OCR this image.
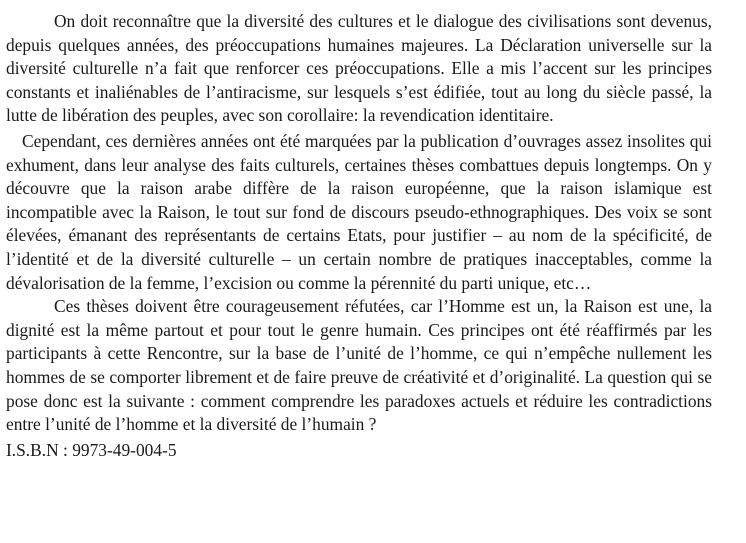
On doit reconnaître que la diversité des cultures et le dialogue des civilisations sont devenus, depuis quelques années, des préoccupations humaines majeures. La Déclaration universelle sur la diversité culturelle n’a fait que renforcer ces préoccupations. Elle a mis l’accent sur les principes constants et inaliénables de l’antiracisme, sur lesquels s’est édifiée, tout au long du siècle passé, la lutte de libération des peuples, avec son corollaire: la revendication identitaire.

Cependant, ces dernières années ont été marquées par la publication d’ouvrages assez insolites qui exhument, dans leur analyse des faits culturels, certaines thèses combattues depuis longtemps. On y découvre que la raison arabe diffère de la raison européenne, que la raison islamique est incompatible avec la Raison, le tout sur fond de discours pseudo-ethnographiques. Des voix se sont élevées, émanant des représentants de certains Etats, pour justifier – au nom de la spécificité, de l’identité et de la diversité culturelle – un certain nombre de pratiques inacceptables, comme la dévalorisation de la femme, l’excision ou comme la pérennité du parti unique, etc…

Ces thèses doivent être courageusement réfutées, car l’Homme est un, la Raison est une, la dignité est la même partout et pour tout le genre humain. Ces principes ont été réaffirmés par les participants à cette Rencontre, sur la base de l’unité de l’homme, ce qui n’empêche nullement les hommes de se comporter librement et de faire preuve de créativité et d’originalité. La question qui se pose donc est la suivante : comment comprendre les paradoxes actuels et réduire les contradictions entre l’unité de l’homme et la diversité de l’humain ?

I.S.B.N : 9973-49-004-5
